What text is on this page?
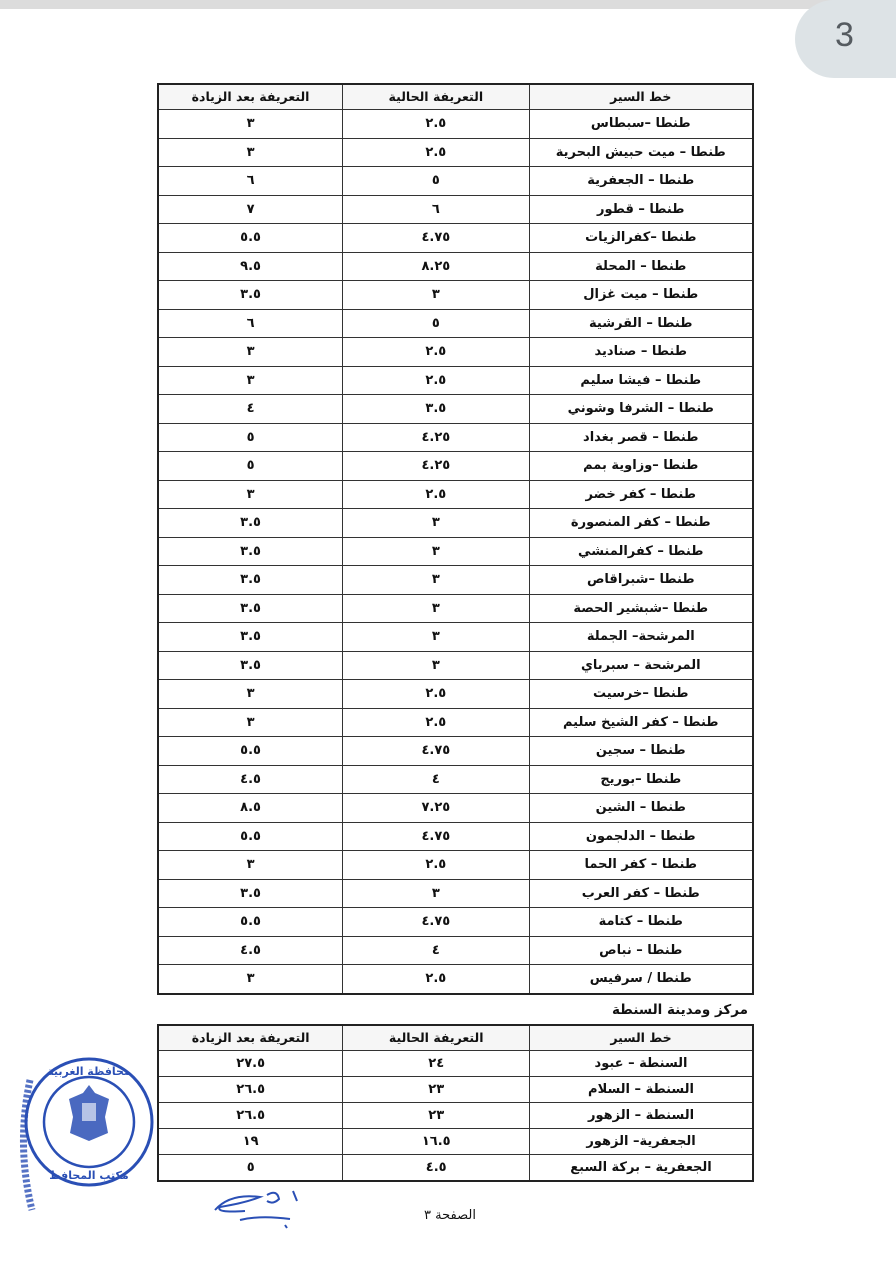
3
خط السير	التعريفة الحالية	التعريفة بعد الزيادة
طنطا –سبطاس	٢.٥	٣
طنطا – ميت حبيش البحرية	٢.٥	٣
طنطا – الجعفرية	٥	٦
طنطا – قطور	٦	٧
طنطا –كفرالزيات	٤.٧٥	٥.٥
طنطا – المحلة	٨.٢٥	٩.٥
طنطا – ميت غزال	٣	٣.٥
طنطا – القرشية	٥	٦
طنطا – صناديد	٢.٥	٣
طنطا – فيشا سليم	٢.٥	٣
طنطا – الشرفا وشوني	٣.٥	٤
طنطا – قصر بغداد	٤.٢٥	٥
طنطا –وزاوية بمم	٤.٢٥	٥
طنطا – كفر خضر	٢.٥	٣
طنطا – كفر المنصورة	٣	٣.٥
طنطا – كفرالمنشي	٣	٣.٥
طنطا –شبراقاص	٣	٣.٥
طنطا –شبشير الحصة	٣	٣.٥
المرشحة– الجملة	٣	٣.٥
المرشحة – سبرباي	٣	٣.٥
طنطا –خرسيت	٢.٥	٣
طنطا – كفر الشيخ سليم	٢.٥	٣
طنطا – سجين	٤.٧٥	٥.٥
طنطا –بوريج	٤	٤.٥
طنطا – الشين	٧.٢٥	٨.٥
طنطا – الدلجمون	٤.٧٥	٥.٥
طنطا – كفر الحما	٢.٥	٣
طنطا – كفر العرب	٣	٣.٥
طنطا – كتامة	٤.٧٥	٥.٥
طنطا – نباص	٤	٤.٥
طنطا / سرفيس	٢.٥	٣
مركز ومدينة السنطة
خط السير	التعريفة الحالية	التعريفة بعد الزيادة
السنطة – عبود	٢٤	٢٧.٥
السنطة – السلام	٢٣	٢٦.٥
السنطة – الزهور	٢٣	٢٦.٥
الجعفرية– الزهور	١٦.٥	١٩
الجعفرية – بركة السبع	٤.٥	٥
محافظة الغربية
مكتب المحافظ
الصفحة ٣
